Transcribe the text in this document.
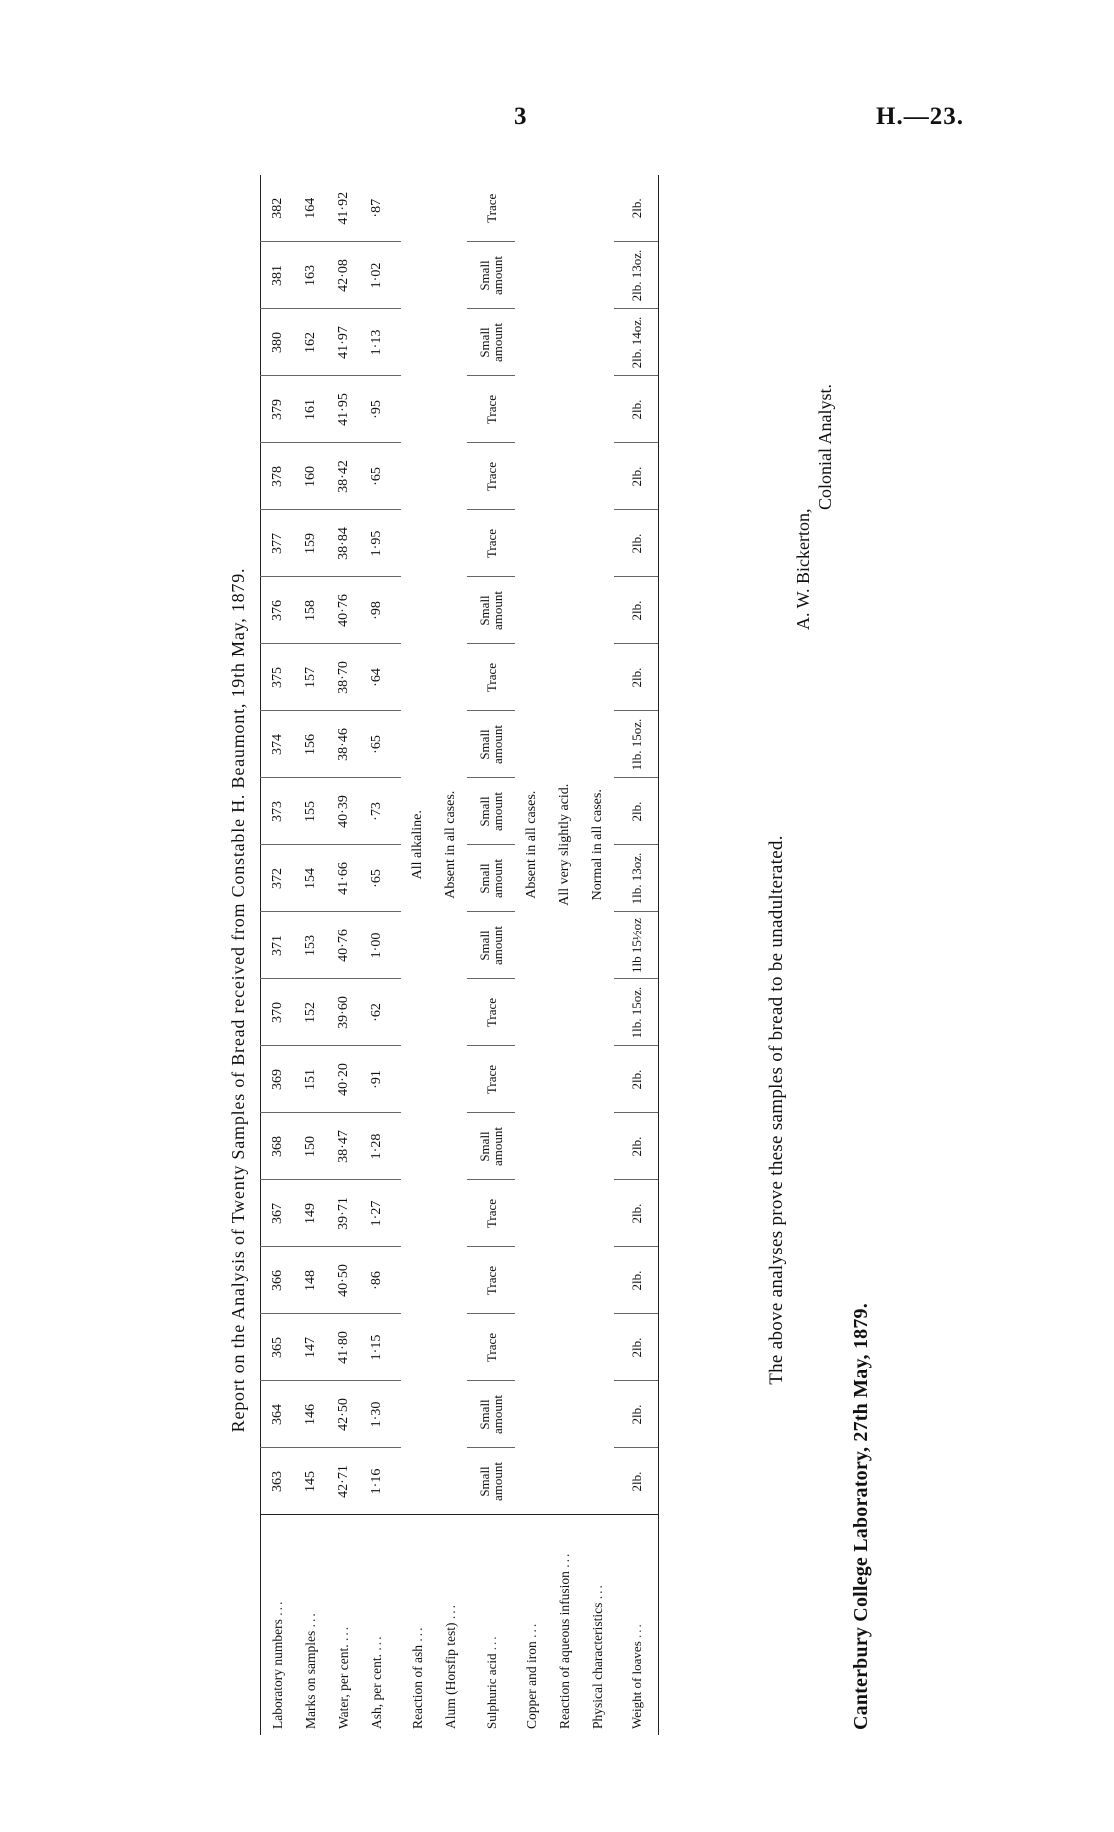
3	H.—23.
Report on the Analysis of Twenty Samples of Bread received from Constable H. Beaumont, 19th May, 1879.
Laboratory numbers ...	363	364	365	366	367	368	369	370	371	372	373	374	375	376	377	378	379	380	381	382
Marks on samples ...	145	146	147	148	149	150	151	152	153	154	155	156	157	158	159	160	161	162	163	164
Water, per cent. ...	42·71	42·50	41·80	40·50	39·71	38·47	40·20	39·60	40·76	41·66	40·39	38·46	38·70	40·76	38·84	38·42	41·95	41·97	42·08	41·92
Ash, per cent. ...	1·16	1·30	1·15	·86	1·27	1·28	·91	·62	1·00	·65	·73	·65	·64	·98	1·95	·65	·95	1·13	1·02	·87
Reaction of ash ...	All alkaline.																			
Alum (Horsfip test) ...	Absent in all cases.																			
Sulphuric acid ...	Small amount	Small amount	Trace	Trace	Trace	Small amount	Trace	Trace	Small amount	Small amount	Small amount	Small amount	Trace	Small amount	Trace	Trace	Trace	Small amount	Small amount	Trace
Copper and iron ...	Absent in all cases.																			
Reaction of aqueous infusion ...	All very slightly acid.																			
Physical characteristics ...	Normal in all cases.																			
Weight of loaves ...	2lb.	2lb.	2lb.	2lb.	2lb.	2lb.	2lb.	1lb. 15oz.	1lb 15½oz	1lb. 13oz.	2lb.	1lb. 15oz.	2lb.	2lb.	2lb.	2lb.	2lb.	2lb. 14oz.	2lb. 13oz.	2lb.
The above analyses prove these samples of bread to be unadulterated.
A. W. Bickerton,
Colonial Analyst.
Canterbury College Laboratory, 27th May, 1879.
